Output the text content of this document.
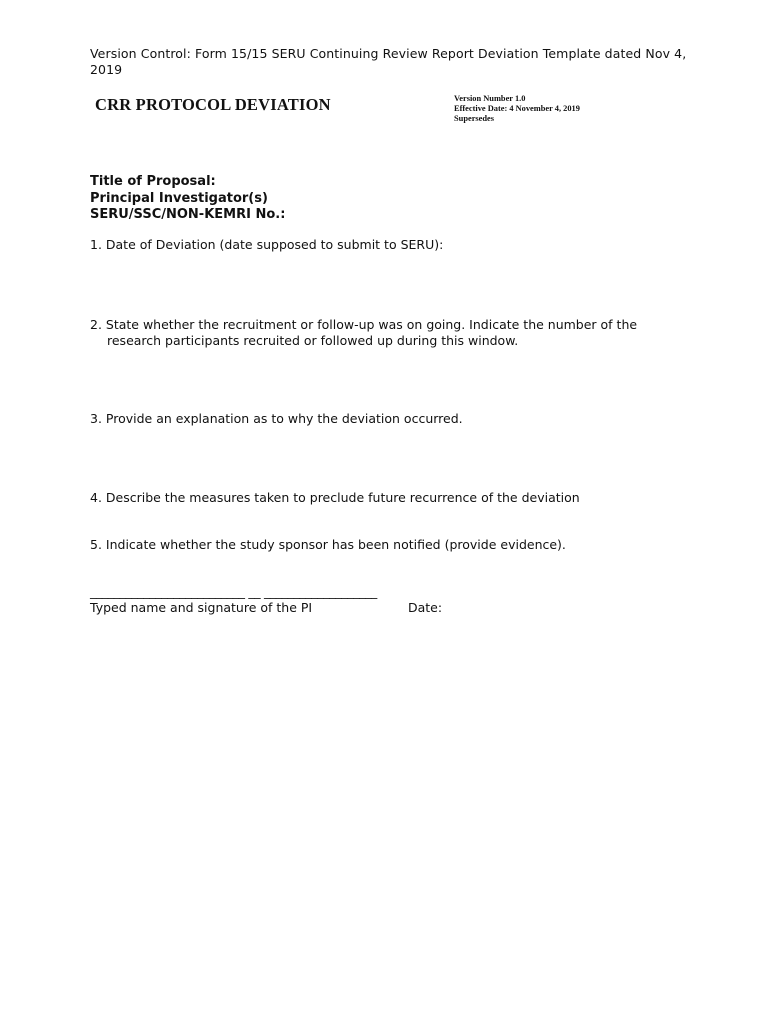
Version Control: Form 15/15 SERU Continuing Review Report Deviation Template dated Nov 4, 2019
CRR PROTOCOL DEVIATION	Version Number 1.0
Effective Date: 4 November 4, 2019
Supersedes
Title of Proposal:
Principal Investigator(s)
SERU/SSC/NON-KEMRI No.:
1. Date of Deviation (date supposed to submit to SERU):
2. State whether the recruitment or follow-up was on going. Indicate the number of the
research participants recruited or followed up during this window.
3. Provide an explanation as to why the deviation occurred.
4. Describe the measures taken to preclude future recurrence of the deviation
5. Indicate whether the study sponsor has been notified (provide evidence).
__________________________ __ ___________________
Typed name and signature of the PI	Date:
